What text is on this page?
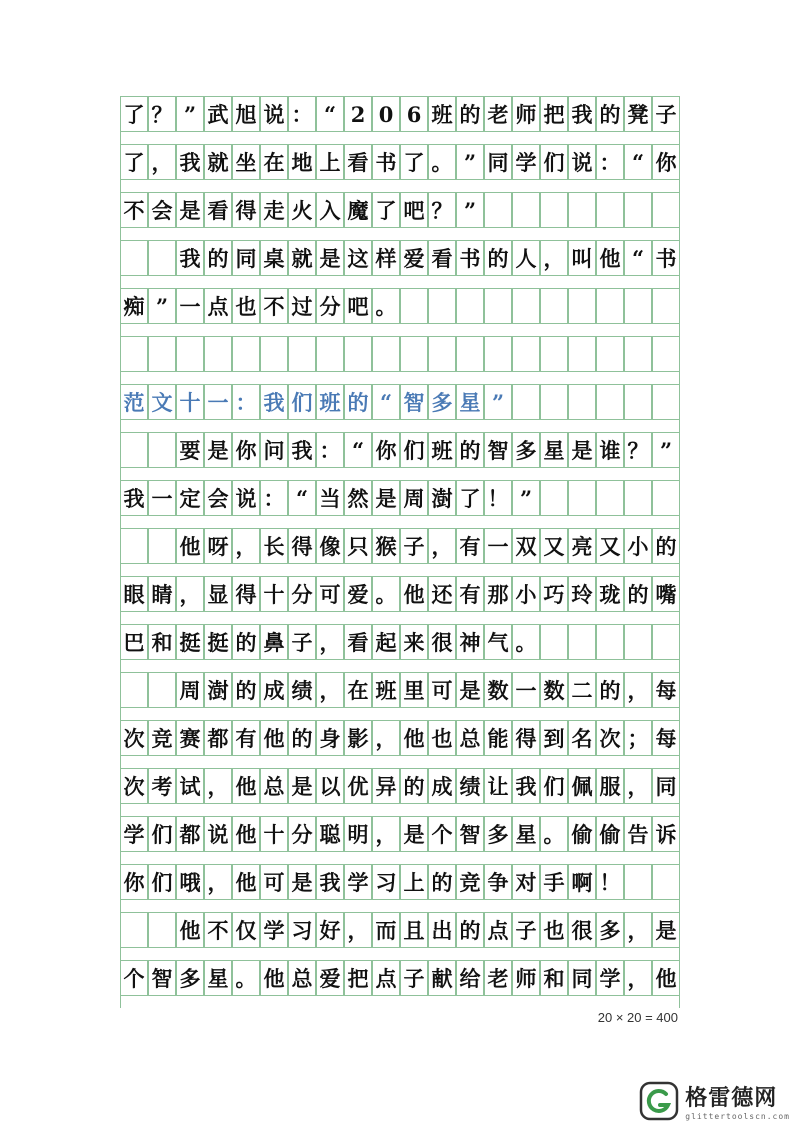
了 ？ ” 武 旭 说 ： “ 2 0 6 班 的 老 师 把 我 的 凳 子
了 ， 我 就 坐 在 地 上 看 书 了 。 ” 同 学 们 说 ： “ 你
不 会 是 看 得 走 火 入 魔 了 吧 ？ ”
我 的 同 桌 就 是 这 样 爱 看 书 的 人 ， 叫 他 “ 书
痴 ” 一 点 也 不 过 分 吧 。
范 文 十 一 ： 我 们 班 的 “ 智 多 星 ”
要 是 你 问 我 ： “ 你 们 班 的 智 多 星 是 谁 ？ ”
我 一 定 会 说 ： “ 当 然 是 周 澍 了 ！ ”
他 呀 ， 长 得 像 只 猴 子 ， 有 一 双 又 亮 又 小 的
眼 睛 ， 显 得 十 分 可 爱 。 他 还 有 那 小 巧 玲 珑 的 嘴
巴 和 挺 挺 的 鼻 子 ， 看 起 来 很 神 气 。
周 澍 的 成 绩 ， 在 班 里 可 是 数 一 数 二 的 ， 每
次 竞 赛 都 有 他 的 身 影 ， 他 也 总 能 得 到 名 次 ； 每
次 考 试 ， 他 总 是 以 优 异 的 成 绩 让 我 们 佩 服 ， 同
学 们 都 说 他 十 分 聪 明 ， 是 个 智 多 星 。 偷 偷 告 诉
你 们 哦 ， 他 可 是 我 学 习 上 的 竞 争 对 手 啊 ！
他 不 仅 学 习 好 ， 而 且 出 的 点 子 也 很 多 ， 是
个 智 多 星 。 他 总 爱 把 点 子 献 给 老 师 和 同 学 ， 他
20 × 20 = 400
格雷德网
glittertoolscn.com
